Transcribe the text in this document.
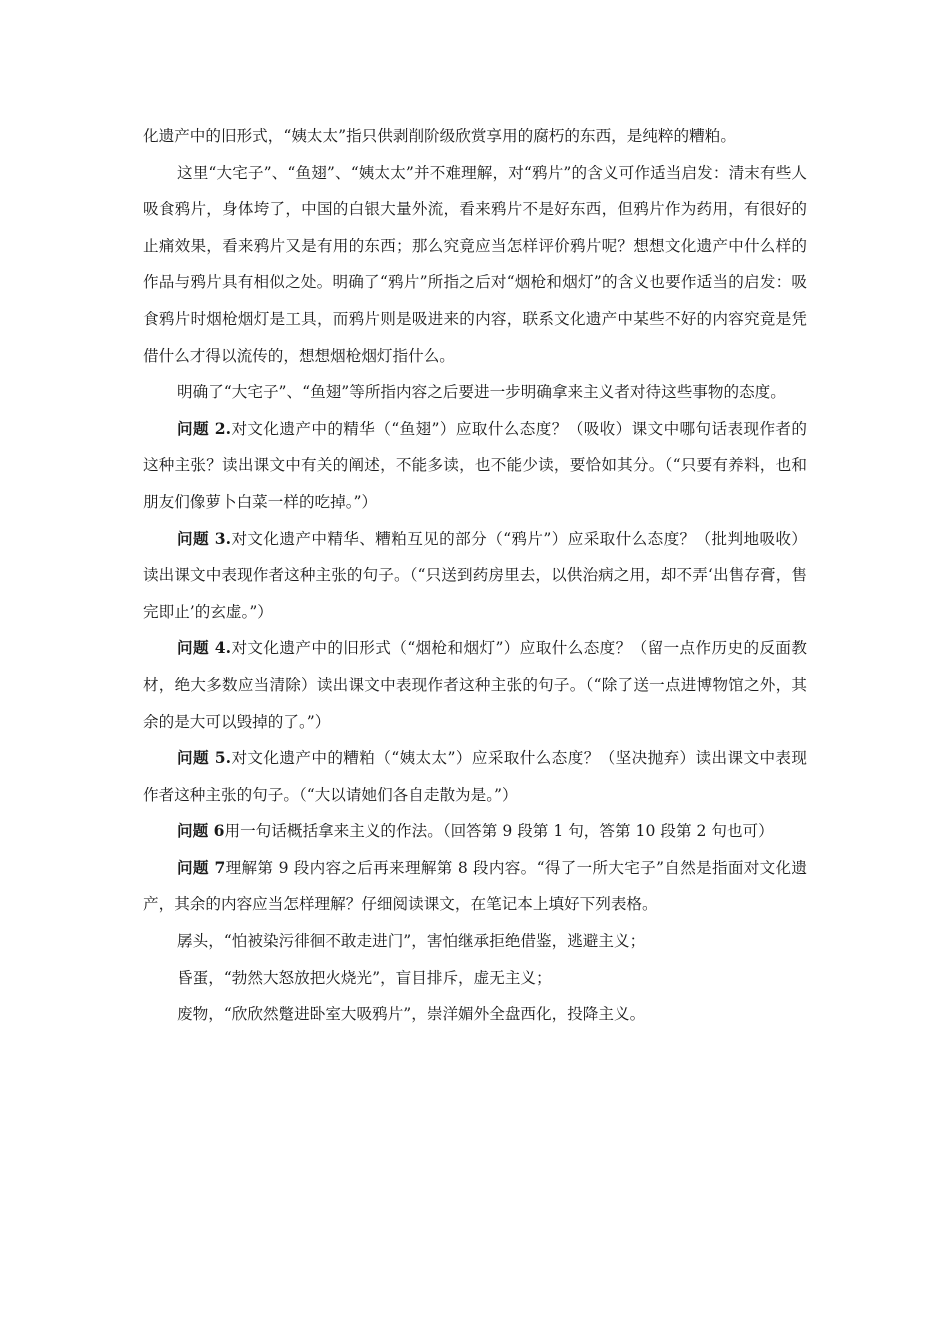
化遗产中的旧形式，“姨太太”指只供剥削阶级欣赏享用的腐朽的东西，是纯粹的糟粕。

这里“大宅子”、“鱼翅”、“姨太太”并不难理解，对“鸦片”的含义可作适当启发：清末有些人吸食鸦片，身体垮了，中国的白银大量外流，看来鸦片不是好东西，但鸦片作为药用，有很好的止痛效果，看来鸦片又是有用的东西；那么究竟应当怎样评价鸦片呢？想想文化遗产中什么样的作品与鸦片具有相似之处。明确了“鸦片”所指之后对“烟枪和烟灯”的含义也要作适当的启发：吸食鸦片时烟枪烟灯是工具，而鸦片则是吸进来的内容，联系文化遗产中某些不好的内容究竟是凭借什么才得以流传的，想想烟枪烟灯指什么。

明确了“大宅子”、“鱼翅”等所指内容之后要进一步明确拿来主义者对待这些事物的态度。

问题 2.对文化遗产中的精华（“鱼翅”）应取什么态度？（吸收）课文中哪句话表现作者的这种主张？读出课文中有关的阐述，不能多读，也不能少读，要恰如其分。（“只要有养料，也和朋友们像萝卜白菜一样的吃掉。”）

问题 3.对文化遗产中精华、糟粕互见的部分（“鸦片”）应采取什么态度？（批判地吸收）读出课文中表现作者这种主张的句子。（“只送到药房里去，以供治病之用，却不弄‘出售存膏，售完即止’的玄虚。”）

问题 4.对文化遗产中的旧形式（“烟枪和烟灯”）应取什么态度？（留一点作历史的反面教材，绝大多数应当清除）读出课文中表现作者这种主张的句子。（“除了送一点进博物馆之外，其余的是大可以毁掉的了。”）

问题 5.对文化遗产中的糟粕（“姨太太”）应采取什么态度？（坚决抛弃）读出课文中表现作者这种主张的句子。（“大以请她们各自走散为是。”）

问题 6用一句话概括拿来主义的作法。（回答第 9 段第 1 句，答第 10 段第 2 句也可）

问题 7理解第 9 段内容之后再来理解第 8 段内容。“得了一所大宅子”自然是指面对文化遗产，其余的内容应当怎样理解？仔细阅读课文，在笔记本上填好下列表格。

孱头，“怕被染污徘徊不敢走进门”，害怕继承拒绝借鉴，逃避主义；

昏蛋，“勃然大怒放把火烧光”，盲目排斥，虚无主义；

废物，“欣欣然蹩进卧室大吸鸦片”，崇洋媚外全盘西化，投降主义。
